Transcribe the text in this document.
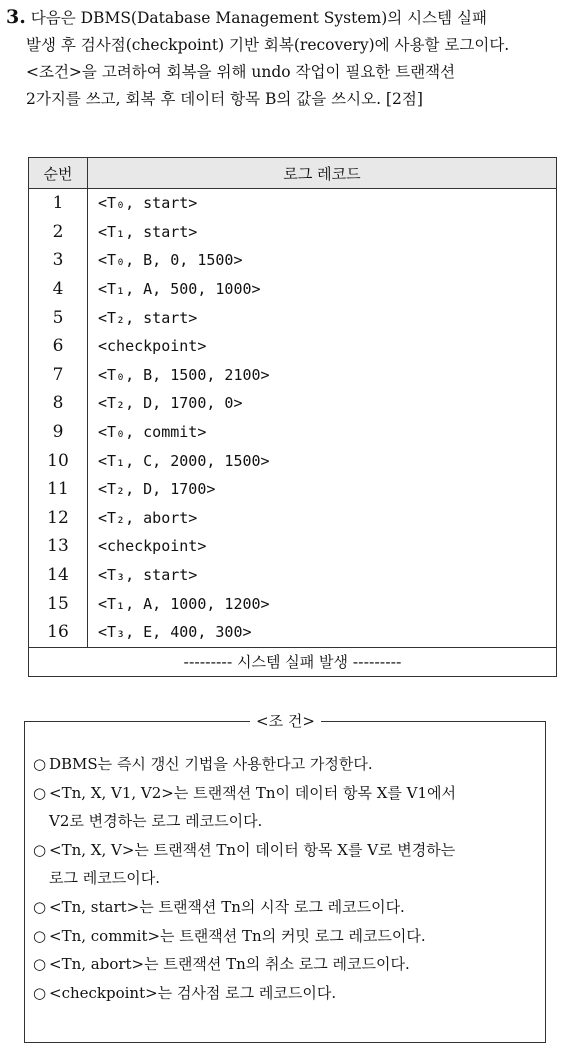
3. 다음은 DBMS(Database Management System)의 시스템 실패
발생 후 검사점(checkpoint) 기반 회복(recovery)에 사용할 로그이다.
<조건>을 고려하여 회복을 위해 undo 작업이 필요한 트랜잭션
2가지를 쓰고, 회복 후 데이터 항목 B의 값을 쓰시오. [2점]
순번	로그 레코드
1	<T₀, start>
2	<T₁, start>
3	<T₀, B, 0, 1500>
4	<T₁, A, 500, 1000>
5	<T₂, start>
6	<checkpoint>
7	<T₀, B, 1500, 2100>
8	<T₂, D, 1700, 0>
9	<T₀, commit>
10	<T₁, C, 2000, 1500>
11	<T₂, D, 1700>
12	<T₂, abort>
13	<checkpoint>
14	<T₃, start>
15	<T₁, A, 1000, 1200>
16	<T₃, E, 400, 300>
--------- 시스템 실패 발생 ---------	
<조 건>
○ DBMS는 즉시 갱신 기법을 사용한다고 가정한다.
○ <Tn, X, V1, V2>는 트랜잭션 Tn이 데이터 항목 X를 V1에서
V2로 변경하는 로그 레코드이다.
○ <Tn, X, V>는 트랜잭션 Tn이 데이터 항목 X를 V로 변경하는
로그 레코드이다.
○ <Tn, start>는 트랜잭션 Tn의 시작 로그 레코드이다.
○ <Tn, commit>는 트랜잭션 Tn의 커밋 로그 레코드이다.
○ <Tn, abort>는 트랜잭션 Tn의 취소 로그 레코드이다.
○ <checkpoint>는 검사점 로그 레코드이다.
